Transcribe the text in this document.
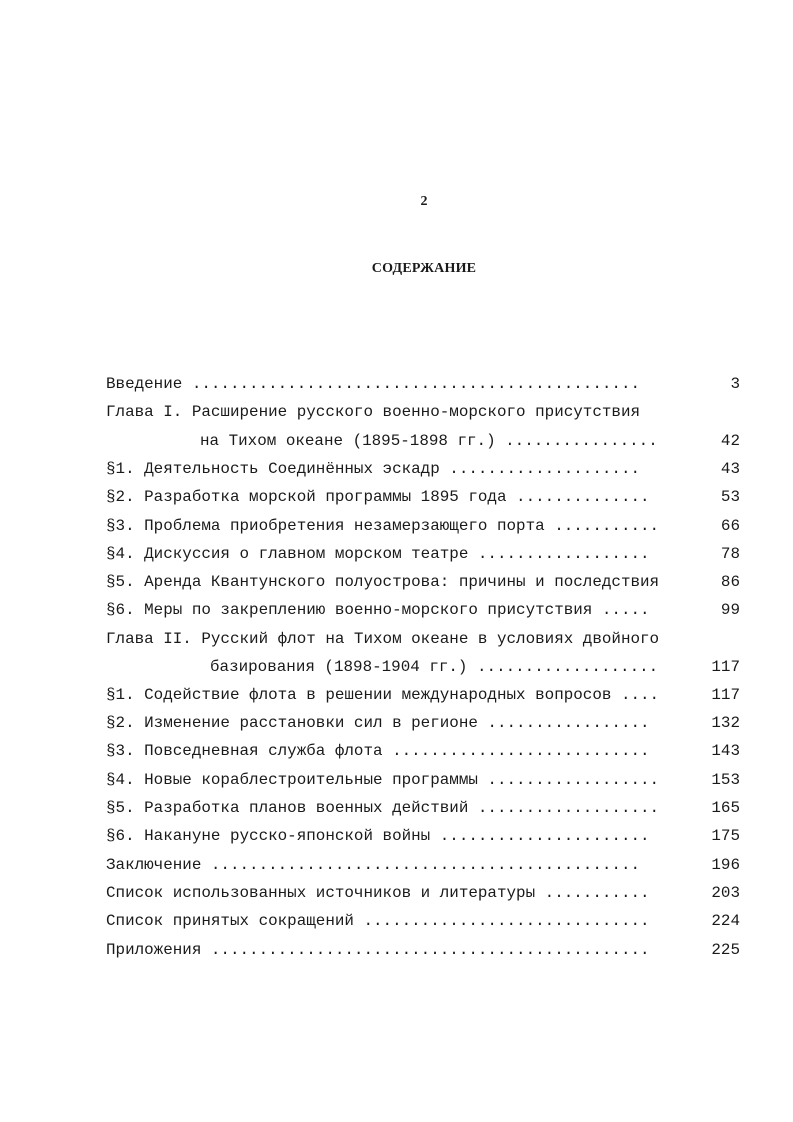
2
СОДЕРЖАНИЕ
Введение ...............................................	3
Глава I. Расширение русского военно-морского присутствия
на Тихом океане (1895-1898 гг.) ................	42
§1. Деятельность Соединённых эскадр ....................	43
§2. Разработка морской программы 1895 года ..............	53
§3. Проблема приобретения незамерзающего порта ...........	66
§4. Дискуссия о главном морском театре ..................	78
§5. Аренда Квантунского полуострова: причины и последствия	86
§6. Меры по закреплению военно-морского присутствия .....	99
Глава II. Русский флот на Тихом океане в условиях двойного
базирования (1898-1904 гг.) ...................	117
§1. Содействие флота в решении международных вопросов ....	117
§2. Изменение расстановки сил в регионе .................	132
§3. Повседневная служба флота ...........................	143
§4. Новые кораблестроительные программы ..................	153
§5. Разработка планов военных действий ...................	165
§6. Накануне русско-японской войны ......................	175
Заключение .............................................	196
Список использованных источников и литературы ...........	203
Список принятых сокращений ..............................	224
Приложения ..............................................	225
